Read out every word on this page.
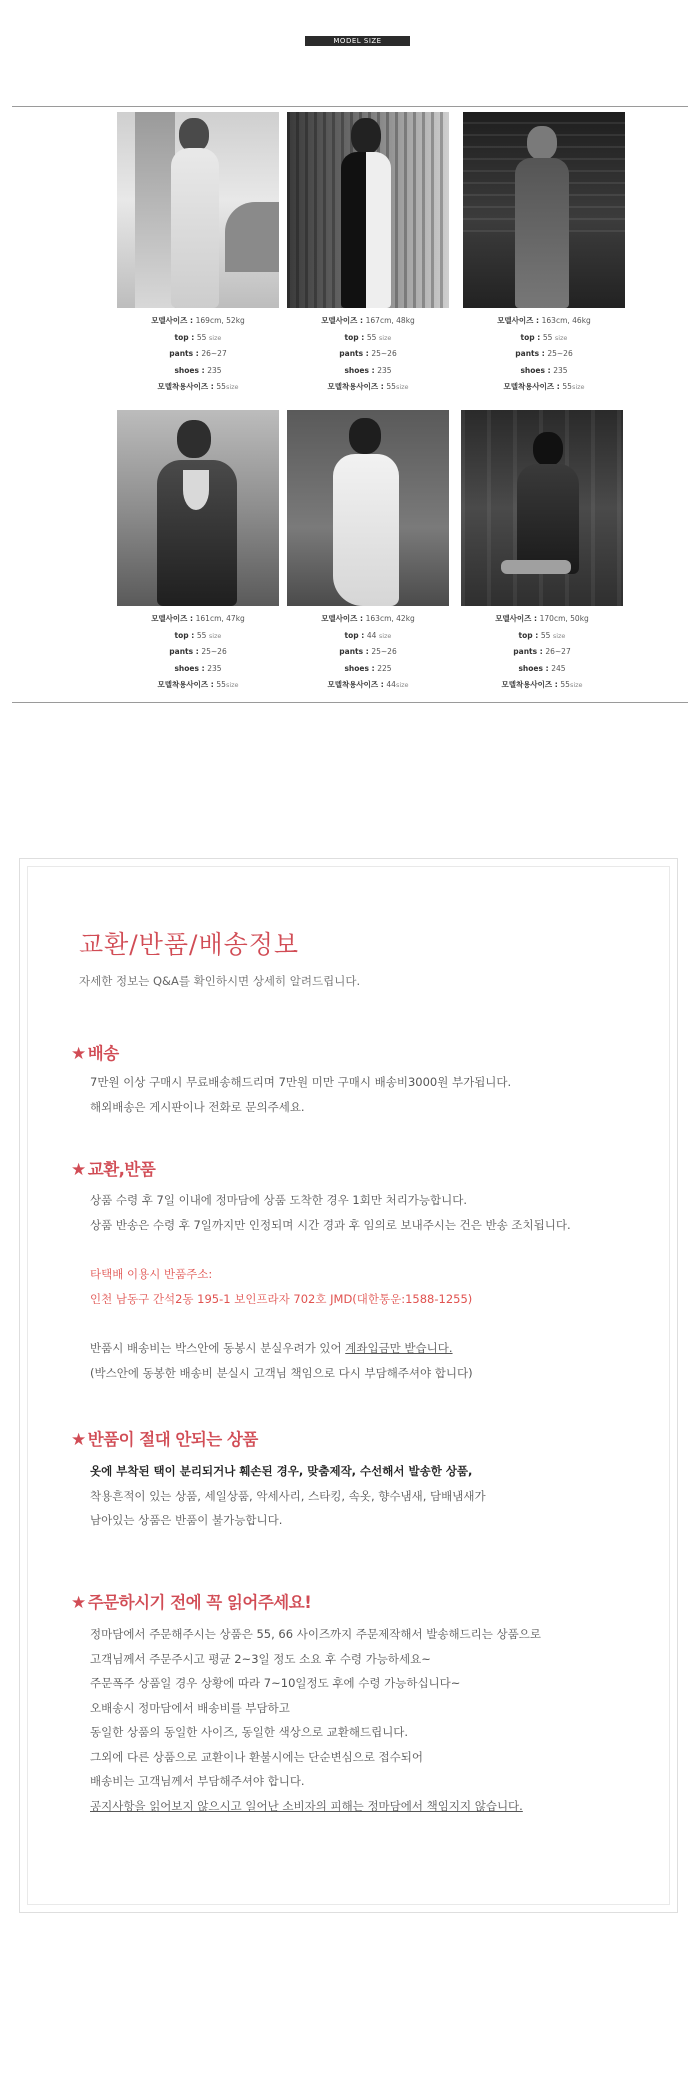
MODEL SIZE
모델사이즈 : 169cm, 52kg
top : 55 size
pants : 26~27
shoes : 235
모델착용사이즈 : 55size
모델사이즈 : 167cm, 48kg
top : 55 size
pants : 25~26
shoes : 235
모델착용사이즈 : 55size
모델사이즈 : 163cm, 46kg
top : 55 size
pants : 25~26
shoes : 235
모델착용사이즈 : 55size
모델사이즈 : 161cm, 47kg
top : 55 size
pants : 25~26
shoes : 235
모델착용사이즈 : 55size
모델사이즈 : 163cm, 42kg
top : 44 size
pants : 25~26
shoes : 225
모델착용사이즈 : 44size
모델사이즈 : 170cm, 50kg
top : 55 size
pants : 26~27
shoes : 245
모델착용사이즈 : 55size
교환/반품/배송정보
자세한 정보는 Q&A를 확인하시면 상세히 알려드립니다.
★ 배송
7만원 이상 구매시 무료배송해드리며 7만원 미만 구매시 배송비3000원 부가됩니다.
해외배송은 게시판이나 전화로 문의주세요.
★ 교환,반품
상품 수령 후 7일 이내에 정마담에 상품 도착한 경우 1회만 처리가능합니다.
상품 반송은 수령 후 7일까지만 인정되며 시간 경과 후 임의로 보내주시는 건은 반송 조치됩니다.
타택배 이용시 반품주소:
인천 남동구 간석2동 195-1 보인프라자 702호 JMD(대한통운:1588-1255)
반품시 배송비는 박스안에 동봉시 분실우려가 있어 계좌입금만 받습니다.
(박스안에 동봉한 배송비 분실시 고객님 책임으로 다시 부담해주셔야 합니다)
★ 반품이 절대 안되는 상품
옷에 부착된 택이 분리되거나 훼손된 경우, 맞춤제작, 수선해서 발송한 상품,
착용흔적이 있는 상품, 세일상품, 악세사리, 스타킹, 속옷, 향수냄새, 담배냄새가
남아있는 상품은 반품이 불가능합니다.
★ 주문하시기 전에 꼭 읽어주세요!
정마담에서 주문해주시는 상품은 55, 66 사이즈까지 주문제작해서 발송해드리는 상품으로
고객님께서 주문주시고 평균 2~3일 정도 소요 후 수령 가능하세요~
주문폭주 상품일 경우 상황에 따라 7~10일정도 후에 수령 가능하십니다~
오배송시 정마담에서 배송비를 부담하고
동일한 상품의 동일한 사이즈, 동일한 색상으로 교환해드립니다.
그외에 다른 상품으로 교환이나 환불시에는 단순변심으로 접수되어
배송비는 고객님께서 부담해주셔야 합니다.
공지사항을 읽어보지 않으시고 일어난 소비자의 피해는 정마담에서 책임지지 않습니다.
